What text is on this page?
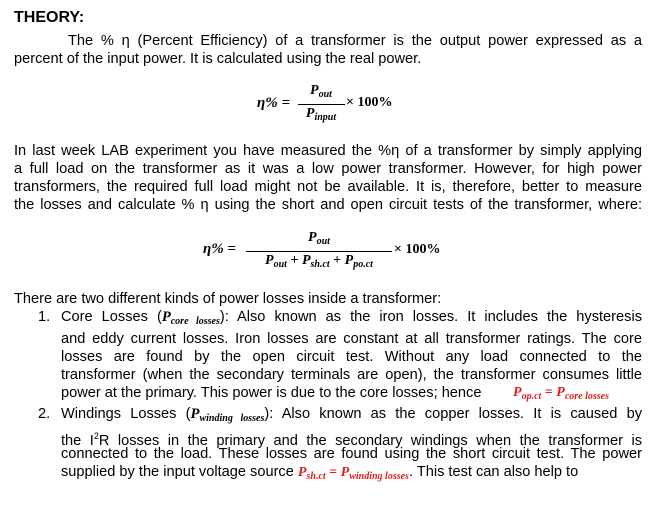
THEORY:
The % η (Percent Efficiency) of a transformer is the output power expressed as a
percent of the input power. It is calculated using the real power.
η% =
$P_{out}$
$P_{input}$
× 100%
In last week LAB experiment you have measured the %η of a transformer by simply applying
a full load on the transformer as it was a low power transformer. However, for high power
transformers, the required full load might not be available. It is, therefore, better to measure
the losses and calculate % η using the short and open circuit tests of the transformer, where:
η% =
$P_{out}$
$P_{out} + P_{sh.ct} + P_{po.ct}$
× 100%
There are two different kinds of power losses inside a transformer:
1. Core Losses $(P_{core losses})$: Also known as the iron losses. It includes the hysteresis
and eddy current losses. Iron losses are constant at all transformer ratings. The core
losses are found by the open circuit test. Without any load connected to the
transformer (when the secondary terminals are open), the transformer consumes little
power at the primary. This power is due to the core losses; hence $P_{op.ct} = P_{core losses}$
2. Windings Losses $(P_{winding losses})$: Also known as the copper losses. It is caused by
the $I^2R$ losses in the primary and the secondary windings when the transformer is
connected to the load. These losses are found using the short circuit test. The power
supplied by the input voltage source $P_{sh.ct} = P_{winding losses}$. This test can also help to
